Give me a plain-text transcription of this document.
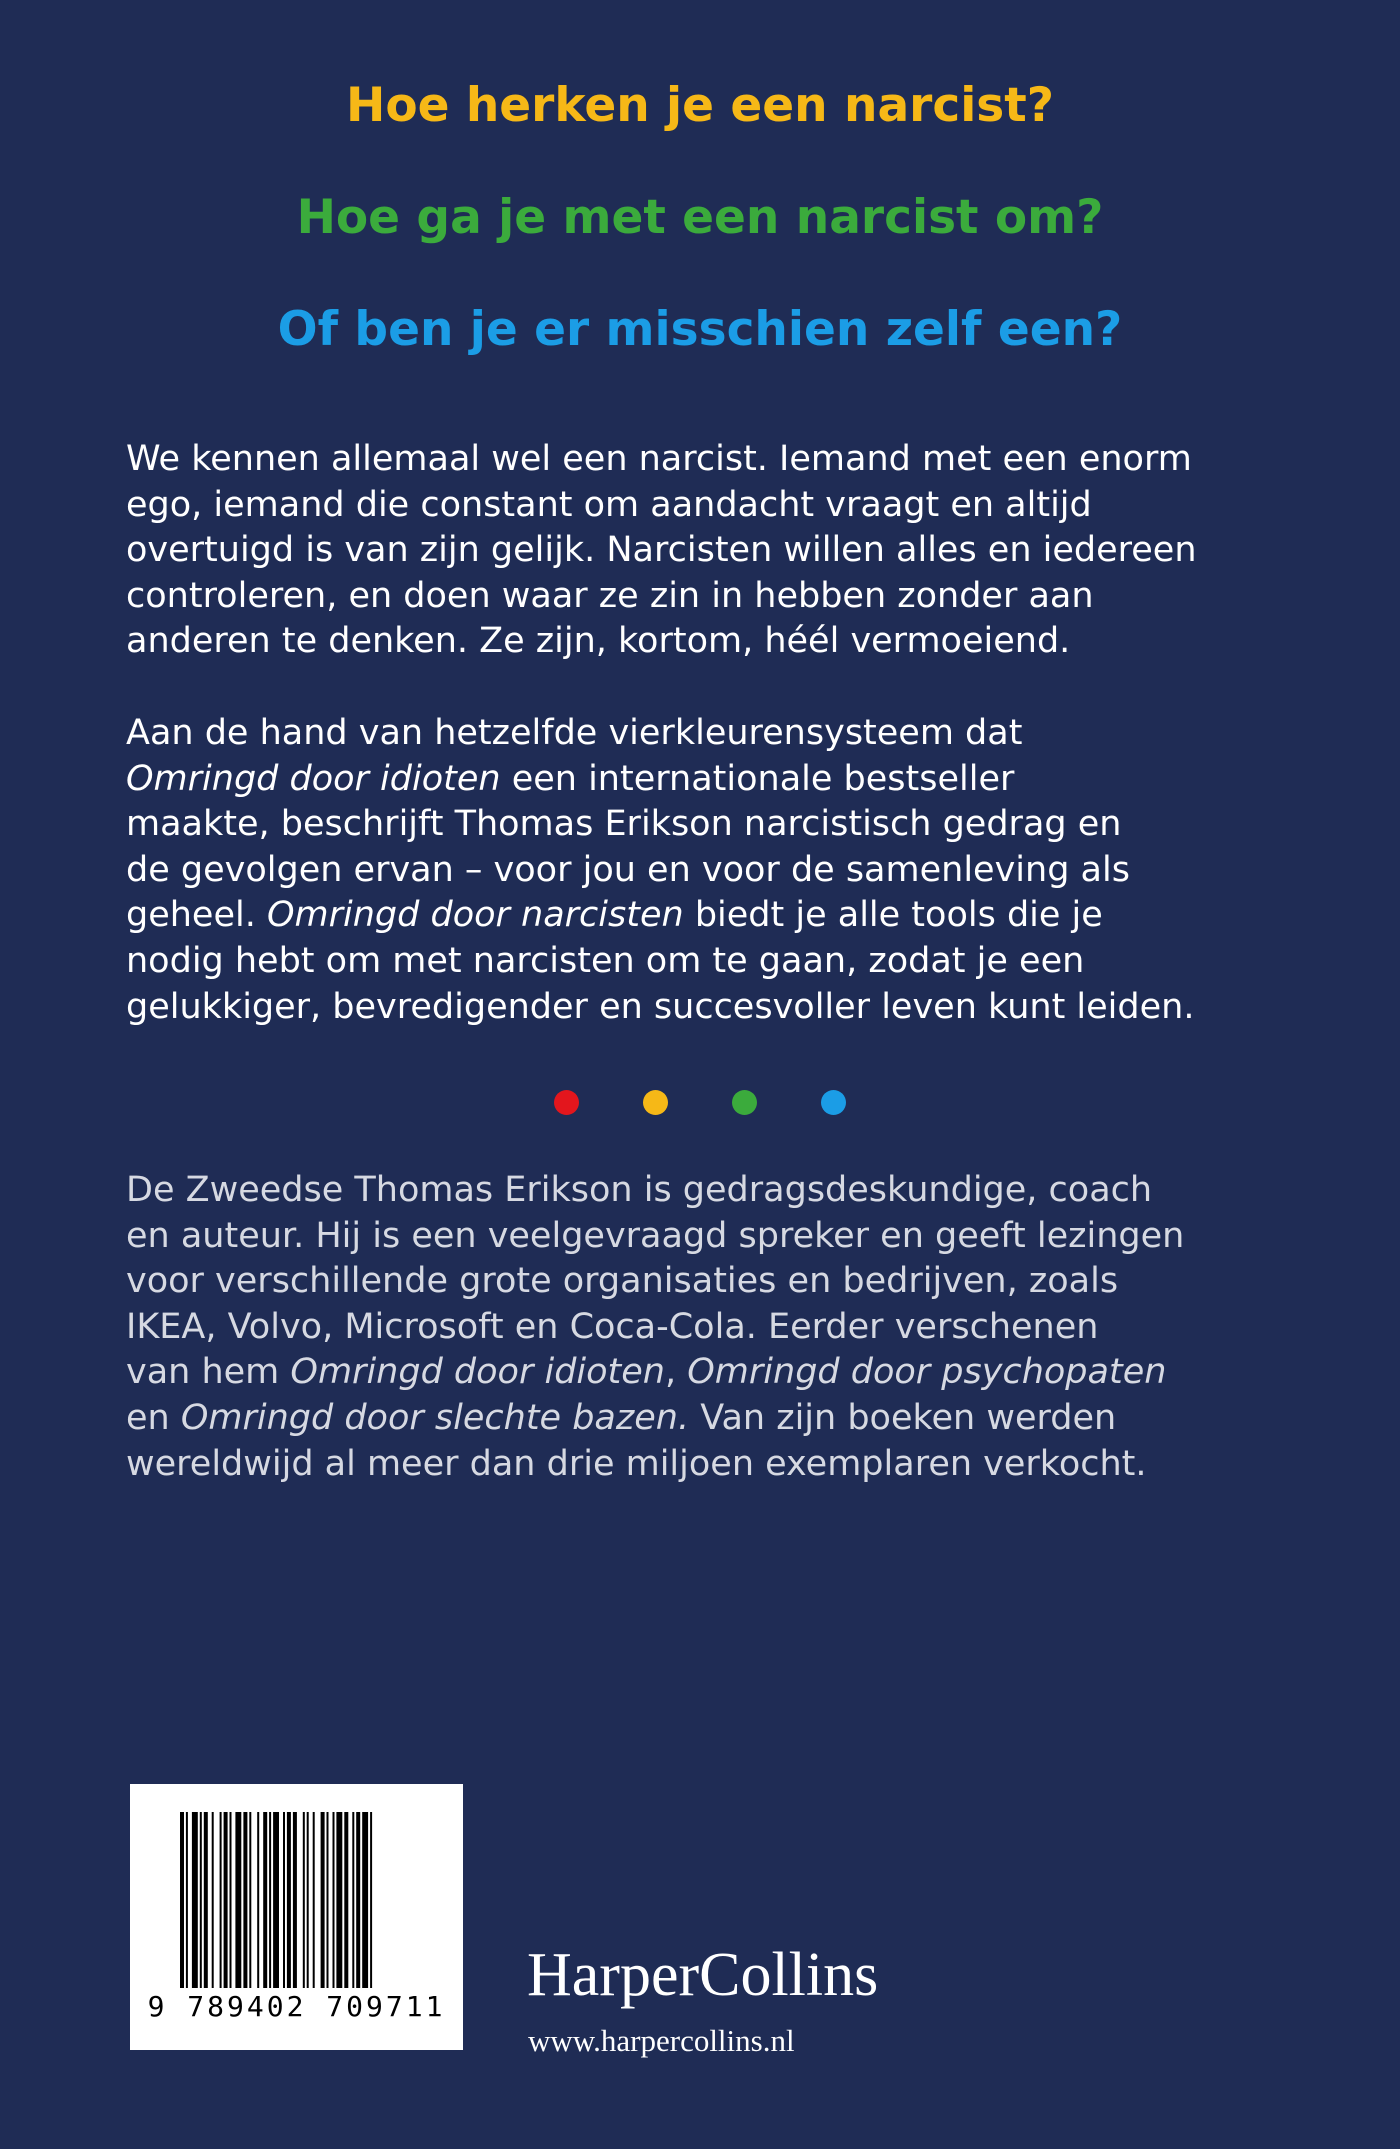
Hoe herken je een narcist?
Hoe ga je met een narcist om?
Of ben je er misschien zelf een?
We kennen allemaal wel een narcist. Iemand met een enorm
ego, iemand die constant om aandacht vraagt en altijd
overtuigd is van zijn gelijk. Narcisten willen alles en iedereen
controleren, en doen waar ze zin in hebben zonder aan
anderen te denken. Ze zijn, kortom, héél vermoeiend.
Aan de hand van hetzelfde vierkleurensysteem dat
Omringd door idioten een internationale bestseller
maakte, beschrijft Thomas Erikson narcistisch gedrag en
de gevolgen ervan – voor jou en voor de samenleving als
geheel. Omringd door narcisten biedt je alle tools die je
nodig hebt om met narcisten om te gaan, zodat je een
gelukkiger, bevredigender en succesvoller leven kunt leiden.
De Zweedse Thomas Erikson is gedragsdeskundige, coach
en auteur. Hij is een veelgevraagd spreker en geeft lezingen
voor verschillende grote organisaties en bedrijven, zoals
IKEA, Volvo, Microsoft en Coca-Cola. Eerder verschenen
van hem Omringd door idioten, Omringd door psychopaten
en Omringd door slechte bazen. Van zijn boeken werden
wereldwijd al meer dan drie miljoen exemplaren verkocht.
9 789402 709711 HarperCollins
www.harpercollins.nl
